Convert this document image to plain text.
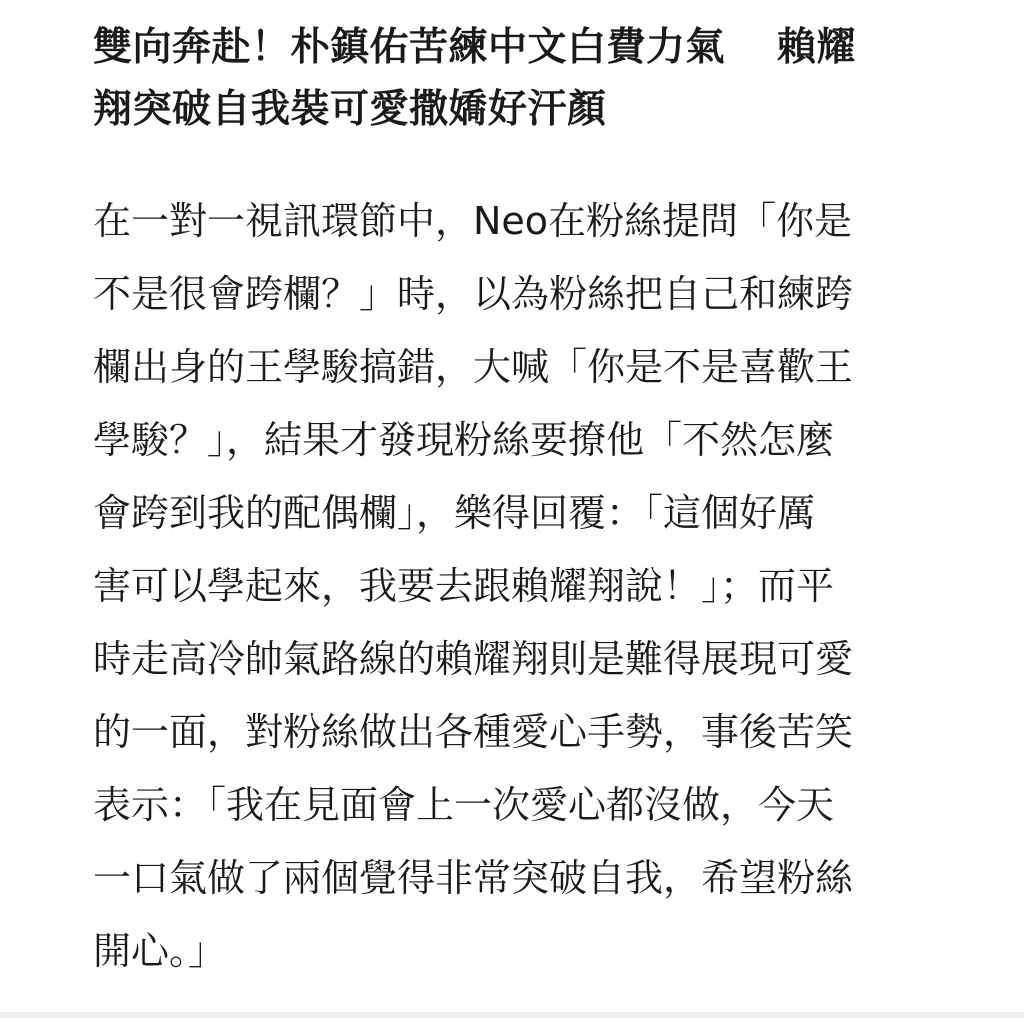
雙向奔赴！朴鎮佑苦練中文白費力氣 賴耀
翔突破自我裝可愛撒嬌好汗顏

在一對一視訊環節中，Neo在粉絲提問「你是
不是很會跨欄？」時，以為粉絲把自己和練跨
欄出身的王學駿搞錯，大喊「你是不是喜歡王
學駿？」，結果才發現粉絲要撩他「不然怎麼
會跨到我的配偶欄」，樂得回覆：「這個好厲
害可以學起來，我要去跟賴耀翔說！」；而平
時走高冷帥氣路線的賴耀翔則是難得展現可愛
的一面，對粉絲做出各種愛心手勢，事後苦笑
表示：「我在見面會上一次愛心都沒做，今天
一口氣做了兩個覺得非常突破自我，希望粉絲
開心。」
